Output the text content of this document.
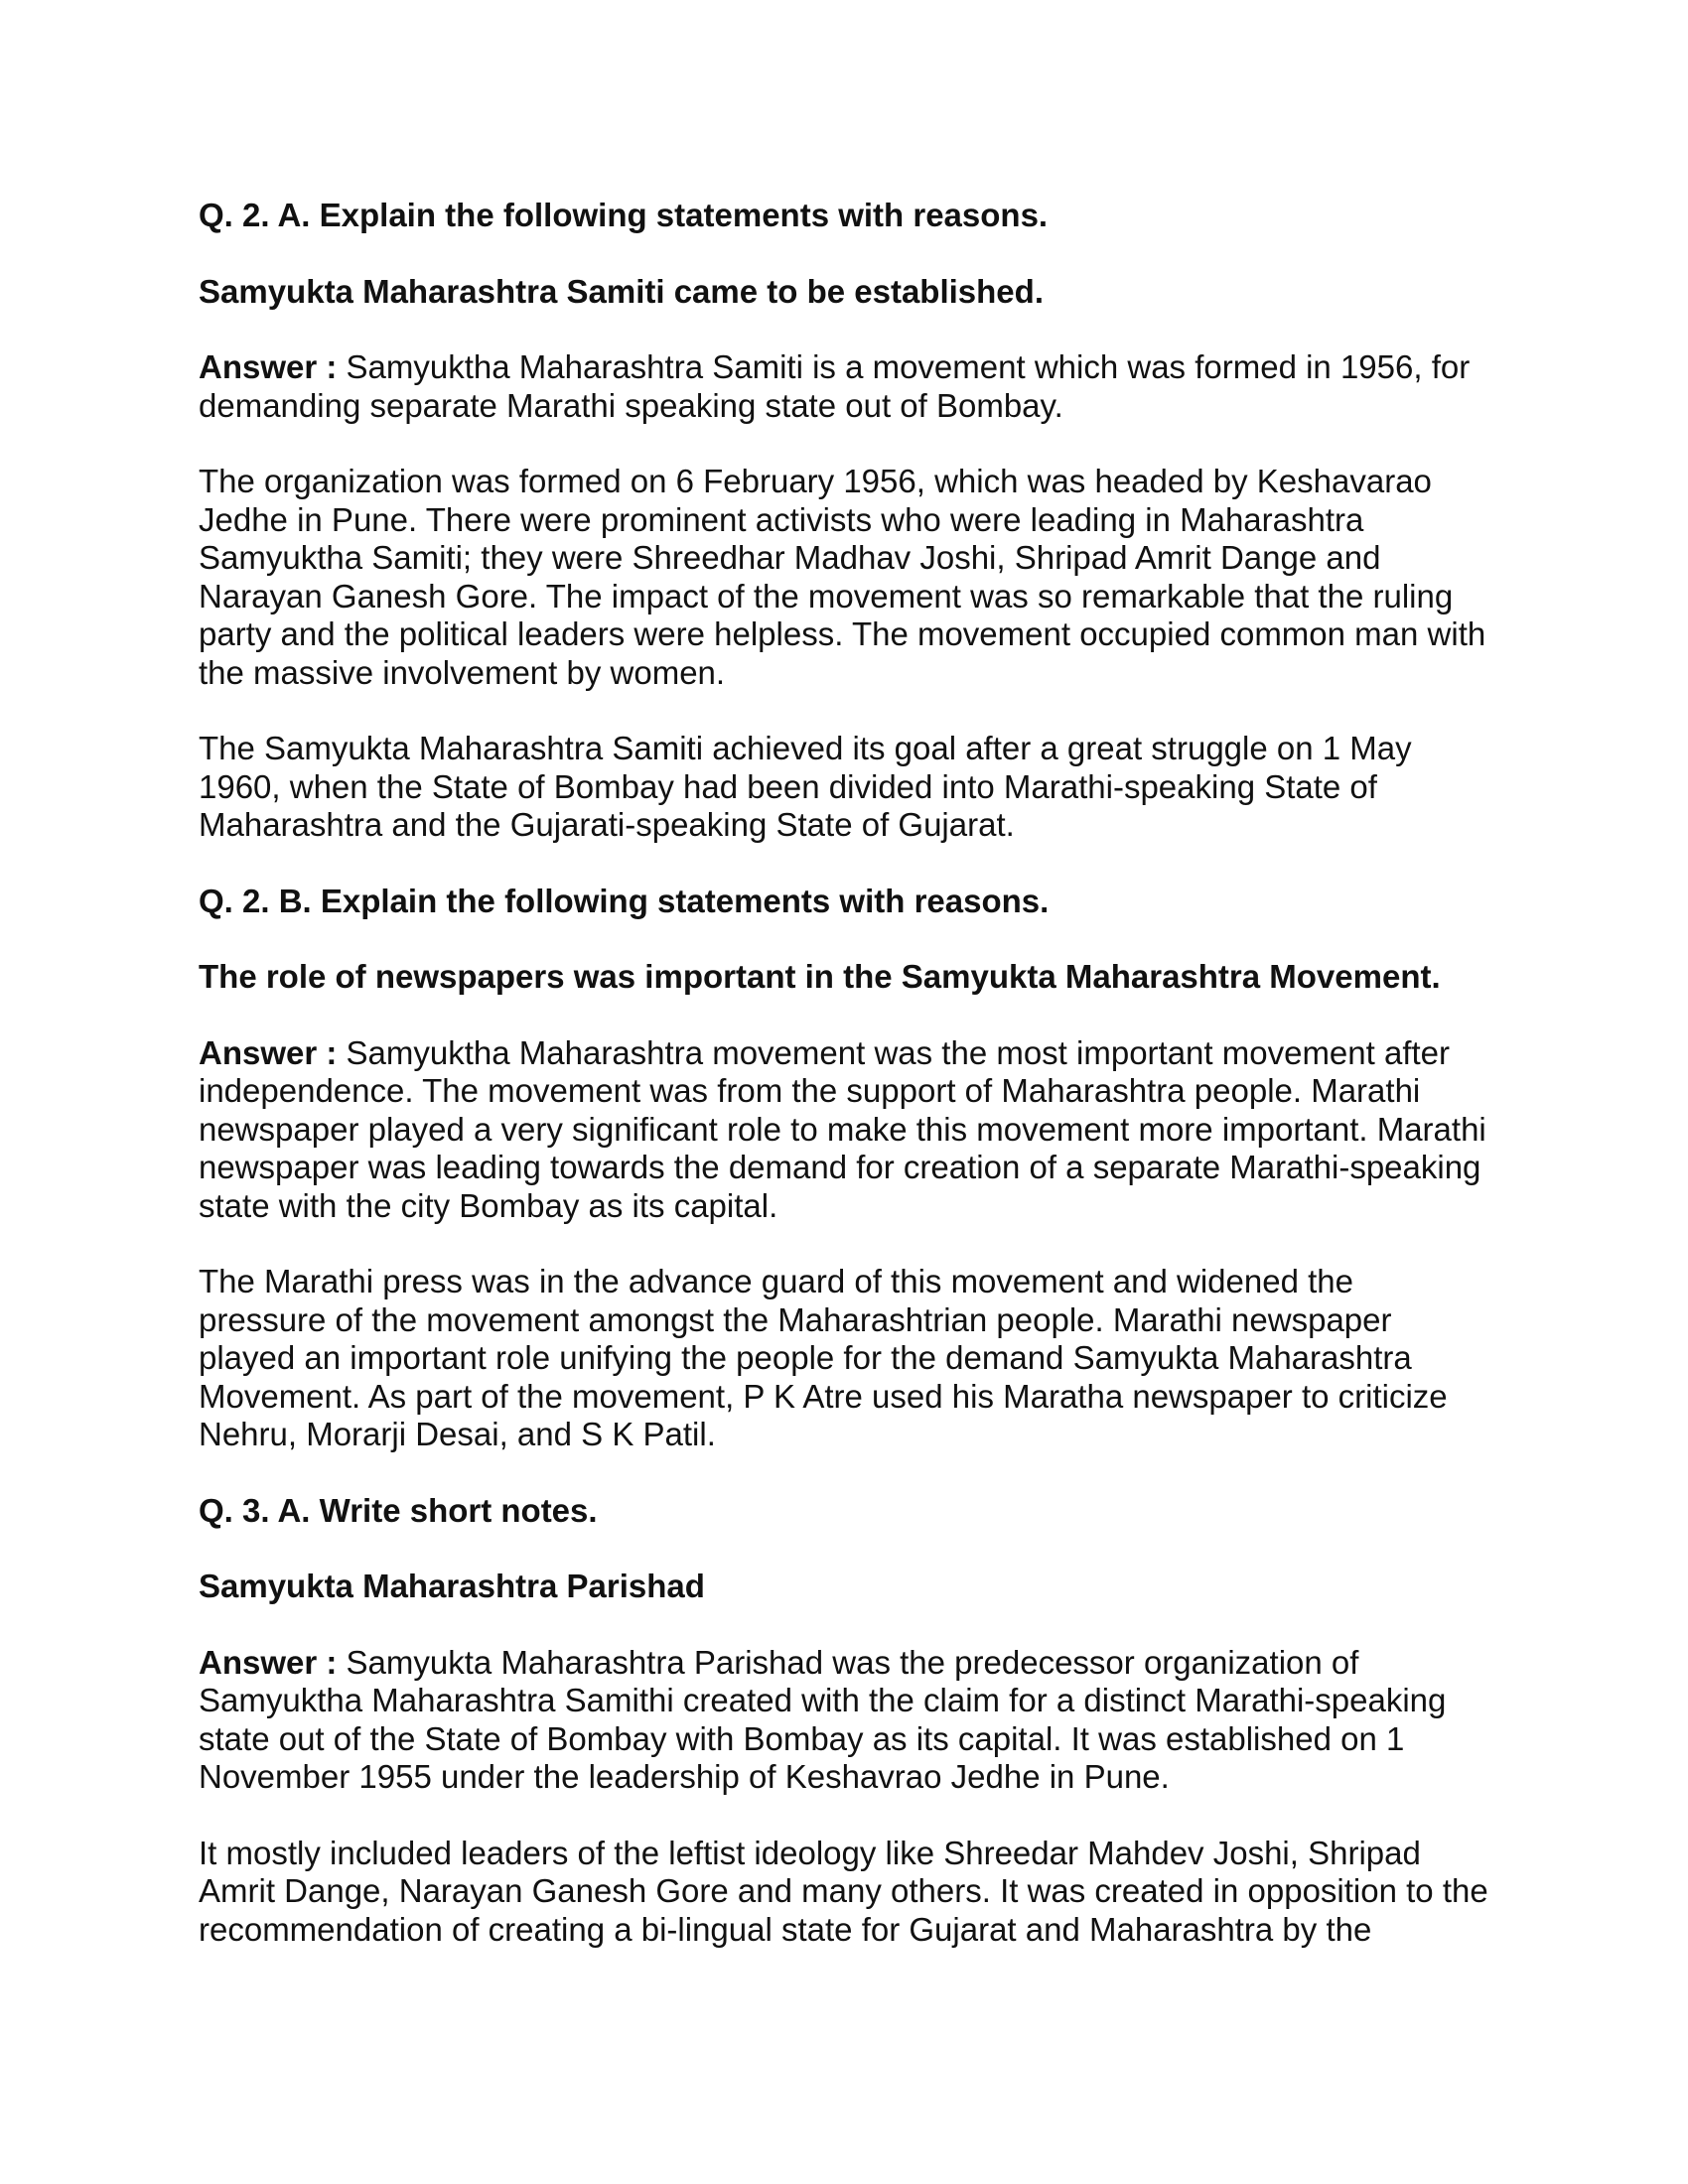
Q. 2. A. Explain the following statements with reasons.
Samyukta Maharashtra Samiti came to be established.
Answer : Samyuktha Maharashtra Samiti is a movement which was formed in 1956, for demanding separate Marathi speaking state out of Bombay.
The organization was formed on 6 February 1956, which was headed by Keshavarao Jedhe in Pune. There were prominent activists who were leading in Maharashtra Samyuktha Samiti; they were Shreedhar Madhav Joshi, Shripad Amrit Dange and Narayan Ganesh Gore. The impact of the movement was so remarkable that the ruling party and the political leaders were helpless. The movement occupied common man with the massive involvement by women.
The Samyukta Maharashtra Samiti achieved its goal after a great struggle on 1 May 1960, when the State of Bombay had been divided into Marathi-speaking State of Maharashtra and the Gujarati-speaking State of Gujarat.
Q. 2. B. Explain the following statements with reasons.
The role of newspapers was important in the Samyukta Maharashtra Movement.
Answer : Samyuktha Maharashtra movement was the most important movement after independence. The movement was from the support of Maharashtra people. Marathi newspaper played a very significant role to make this movement more important. Marathi newspaper was leading towards the demand for creation of a separate Marathi-speaking state with the city Bombay as its capital.
The Marathi press was in the advance guard of this movement and widened the pressure of the movement amongst the Maharashtrian people. Marathi newspaper played an important role unifying the people for the demand Samyukta Maharashtra Movement. As part of the movement, P K Atre used his Maratha newspaper to criticize Nehru, Morarji Desai, and S K Patil.
Q. 3. A. Write short notes.
Samyukta Maharashtra Parishad
Answer : Samyukta Maharashtra Parishad was the predecessor organization of Samyuktha Maharashtra Samithi created with the claim for a distinct Marathi-speaking state out of the State of Bombay with Bombay as its capital. It was established on 1 November 1955 under the leadership of Keshavrao Jedhe in Pune.
It mostly included leaders of the leftist ideology like Shreedar Mahdev Joshi, Shripad Amrit Dange, Narayan Ganesh Gore and many others. It was created in opposition to the recommendation of creating a bi-lingual state for Gujarat and Maharashtra by the
